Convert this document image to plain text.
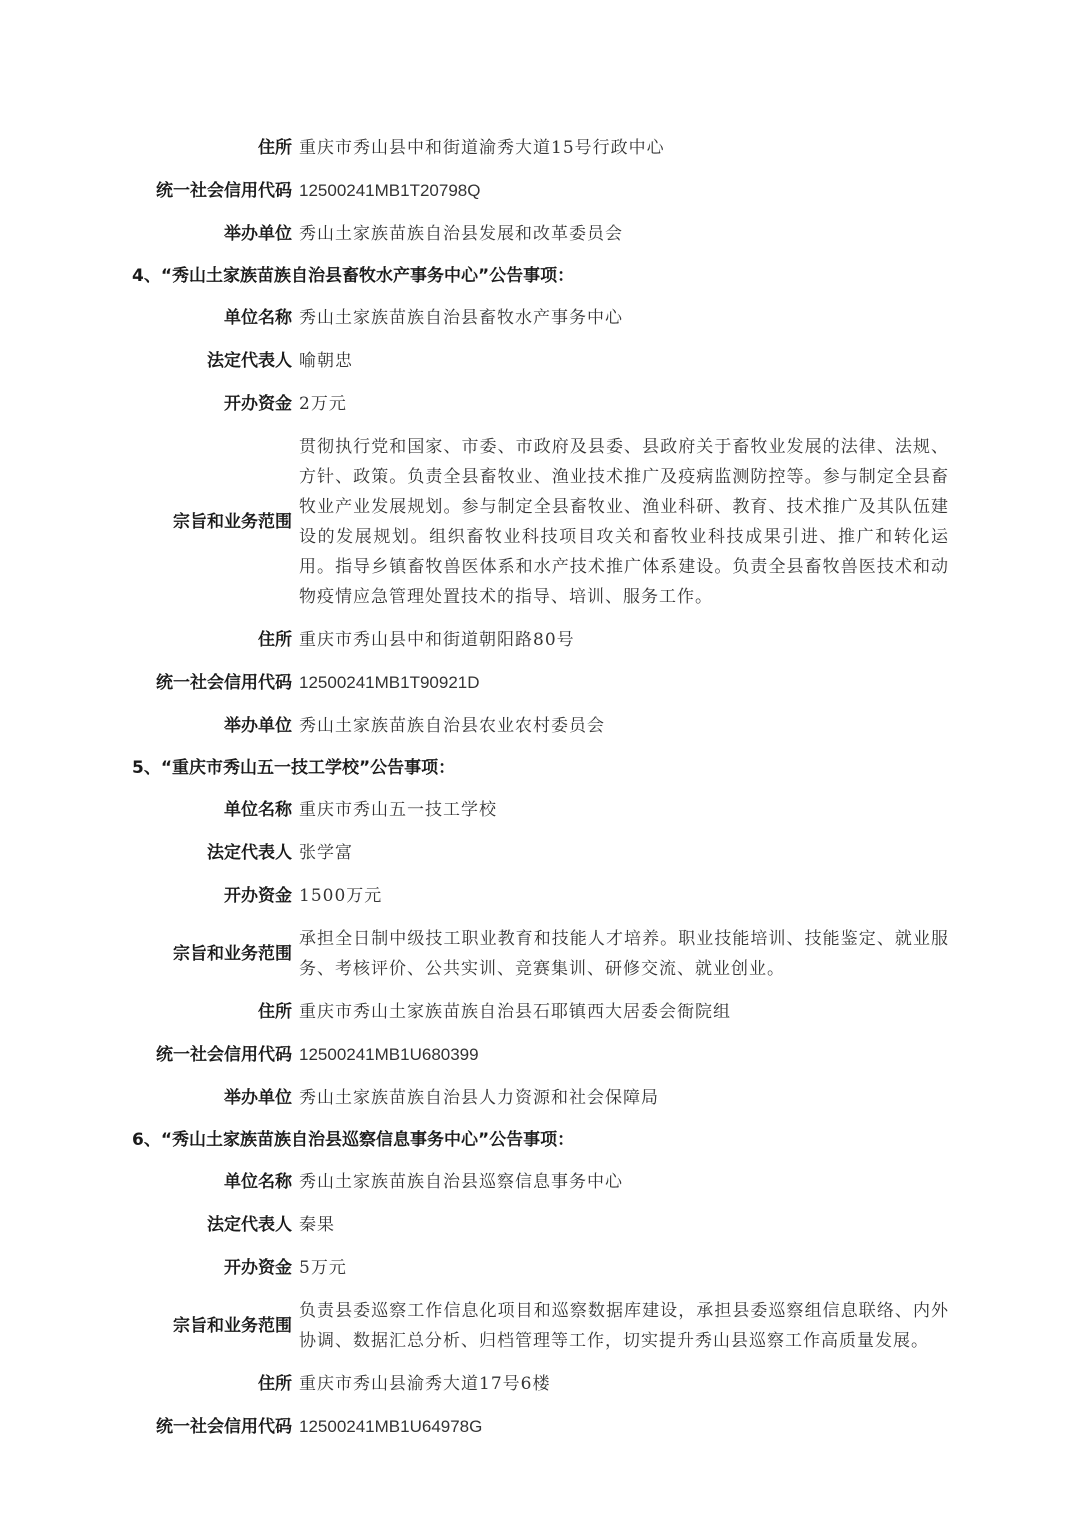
住所 重庆市秀山县中和街道渝秀大道15号行政中心
统一社会信用代码 12500241MB1T20798Q
举办单位 秀山土家族苗族自治县发展和改革委员会
4、“秀山土家族苗族自治县畜牧水产事务中心”公告事项：
单位名称 秀山土家族苗族自治县畜牧水产事务中心
法定代表人 喻朝忠
开办资金 2万元
宗旨和业务范围
贯彻执行党和国家、市委、市政府及县委、县政府关于畜牧业发展的法律、法规、方针、政策。负责全县畜牧业、渔业技术推广及疫病监测防控等。参与制定全县畜牧业产业发展规划。参与制定全县畜牧业、渔业科研、教育、技术推广及其队伍建设的发展规划。组织畜牧业科技项目攻关和畜牧业科技成果引进、推广和转化运用。指导乡镇畜牧兽医体系和水产技术推广体系建设。负责全县畜牧兽医技术和动物疫情应急管理处置技术的指导、培训、服务工作。
住所 重庆市秀山县中和街道朝阳路80号
统一社会信用代码 12500241MB1T90921D
举办单位 秀山土家族苗族自治县农业农村委员会
5、“重庆市秀山五一技工学校”公告事项：
单位名称 重庆市秀山五一技工学校
法定代表人 张学富
开办资金 1500万元
宗旨和业务范围
承担全日制中级技工职业教育和技能人才培养。职业技能培训、技能鉴定、就业服务、考核评价、公共实训、竞赛集训、研修交流、就业创业。
住所 重庆市秀山土家族苗族自治县石耶镇西大居委会衙院组
统一社会信用代码 12500241MB1U680399
举办单位 秀山土家族苗族自治县人力资源和社会保障局
6、“秀山土家族苗族自治县巡察信息事务中心”公告事项：
单位名称 秀山土家族苗族自治县巡察信息事务中心
法定代表人 秦果
开办资金 5万元
宗旨和业务范围
负责县委巡察工作信息化项目和巡察数据库建设，承担县委巡察组信息联络、内外协调、数据汇总分析、归档管理等工作，切实提升秀山县巡察工作高质量发展。
住所 重庆市秀山县渝秀大道17号6楼
统一社会信用代码 12500241MB1U64978G
